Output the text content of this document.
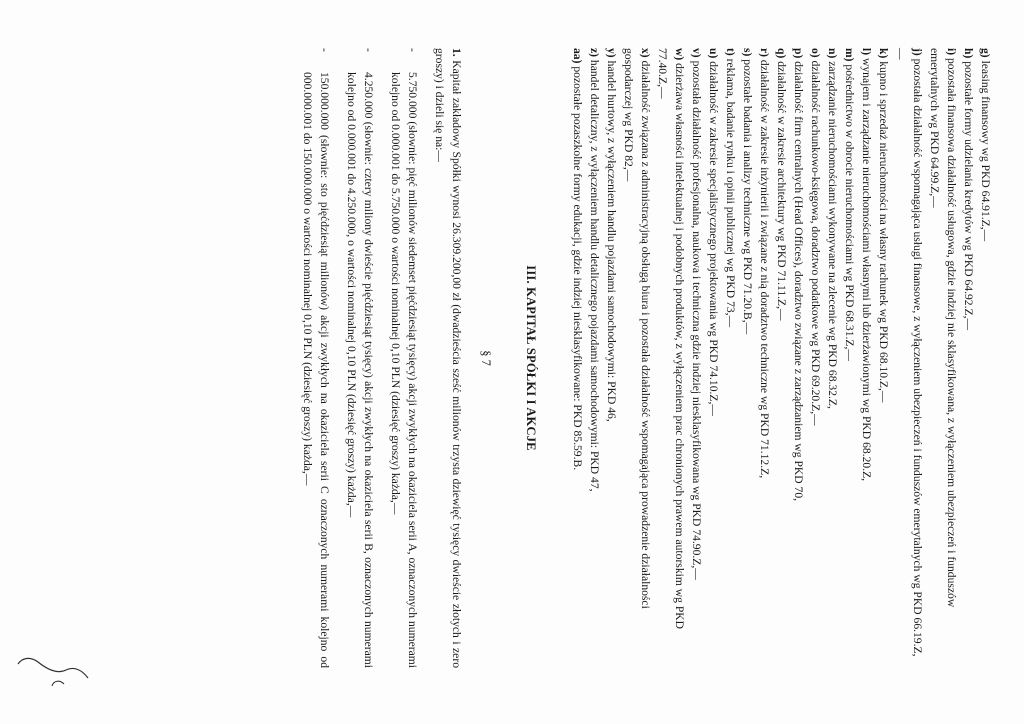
g) leasing finansowy wg PKD 64.91.Z,—
h) pozostałe formy udzielania kredytów wg PKD 64.92.Z,—
i) pozostała finansowa działalność usługowa, gdzie indziej nie sklasyfikowana, z wyłączeniem ubezpieczeń i funduszów emerytalnych wg PKD 64.99.Z,—
j) pozostała działalność wspomagająca usługi finansowe, z wyłączeniem ubezpieczeń i funduszów emerytalnych wg PKD 66.19.Z,—
k) kupno i sprzedaż nieruchomości na własny rachunek wg PKD 68.10.Z,—
l) wynajem i zarządzanie nieruchomościami własnymi lub dzierżawionymi wg PKD 68.20.Z,
m) pośrednictwo w obrocie nieruchomościami wg PKD 68.31.Z,—
n) zarządzanie nieruchomościami wykonywane na zlecenie wg PKD 68.32.Z,
o) działalność rachunkowo-księgowa, doradztwo podatkowe wg PKD 69.20.Z,—
p) działalność firm centralnych (Head Offices), doradztwo związane z zarządzaniem wg PKD 70,
q) działalność w zakresie architektury wg PKD 71.11.Z,—
r) działalność w zakresie inżynierii i związane z nią doradztwo techniczne wg PKD 71.12.Z,
s) pozostałe badania i analizy techniczne wg PKD 71.20.B,—
t) reklama, badanie rynku i opinii publicznej wg PKD 73,—
u) działalność w zakresie specjalistycznego projektowania wg PKD 74.10.Z,—
v) pozostała działalność profesjonalna, naukowa i techniczna gdzie indziej niesklasyfikowana wg PKD 74.90.Z,—
w) dzierżawa własności intelektualnej i podobnych produktów, z wyłączeniem prac chronionych prawem autorskim wg PKD 77.40.Z,—
x) działalność związana z administracyjną obsługą biura i pozostała działalność wspomagająca prowadzenie działalności gospodarczej wg PKD 82,—
y) handel hurtowy, z wyłączeniem handlu pojazdami samochodowymi: PKD 46,
z) handel detaliczny, z wyłączeniem handlu detalicznego pojazdami samochodowymi: PKD 47,
aa) pozostałe pozaszkolne formy edukacji, gdzie indziej niesklasyfikowane: PKD 85.59.B.
III. KAPITAŁ SPÓŁKI I AKCJE
§ 7
1. Kapitał zakładowy Spółki wynosi 26.309.200,00 zł (dwadzieścia sześć milionów trzysta dziewięć tysięcy dwieście złotych i zero groszy) i dzieli się na:—
-
5.750.000 (słownie: pięć milionów siedemset pięćdziesiąt tysięcy) akcji zwykłych na okaziciela serii A, oznaczonych numerami kolejno od 0.000.001 do 5.750.000 o wartości nominalnej 0,10 PLN (dziesięć groszy) każda,—
-
4.250.000 (słownie: cztery miliony dwieście pięćdziesiąt tysięcy) akcji zwykłych na okaziciela serii B, oznaczonych numerami kolejno od 0.000.001 do 4.250.000, o wartości nominalnej 0,10 PLN (dziesięć groszy) każda,—
-
150.000.000 (słownie: sto pięćdziesiąt milionów) akcji zwykłych na okaziciela serii C oznaczonych numerami kolejno od 000.000.001 do 150.000.000 o wartości nominalnej 0,10 PLN (dziesięć groszy) każda,—
